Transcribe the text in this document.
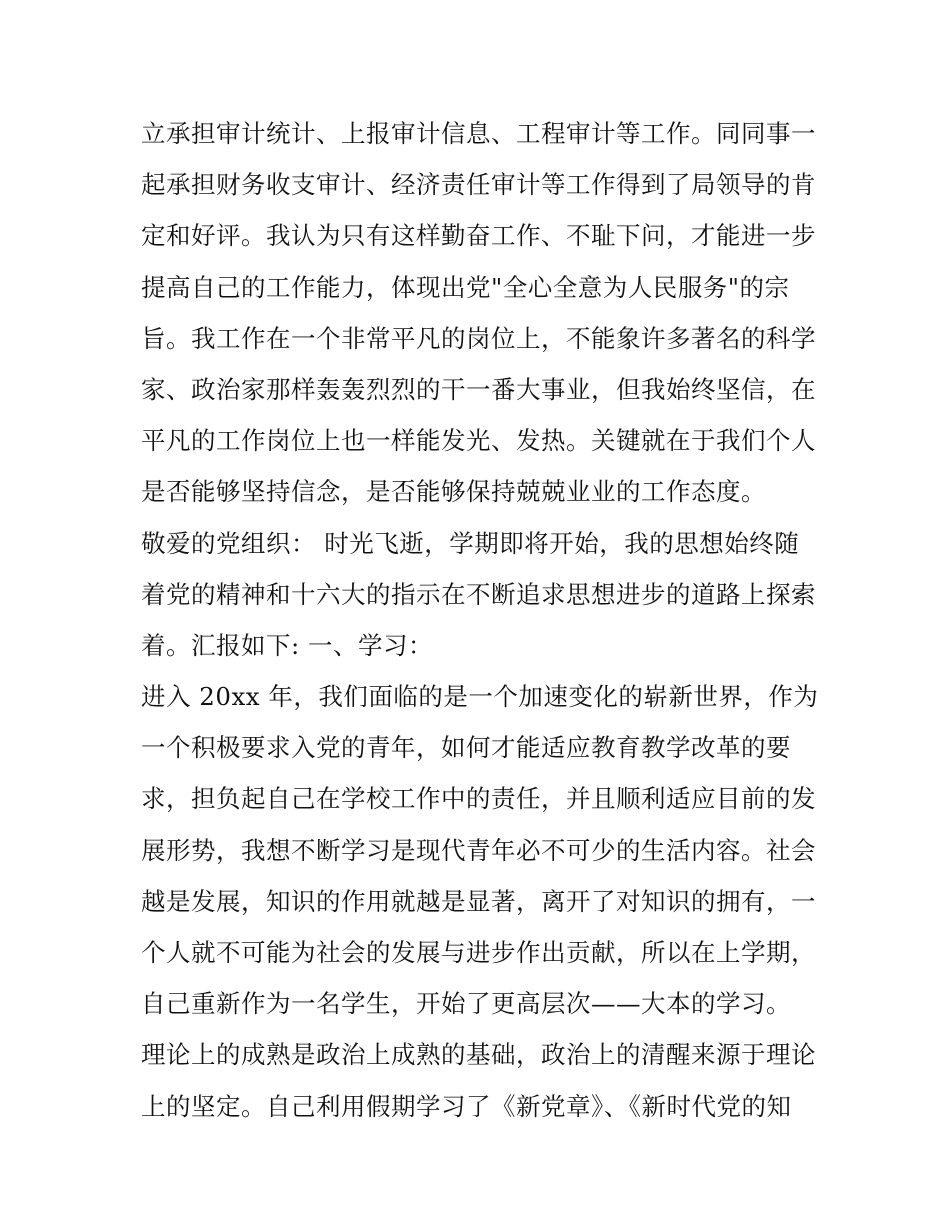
立承担审计统计、上报审计信息、工程审计等工作。同同事一
起承担财务收支审计、经济责任审计等工作得到了局领导的肯
定和好评。我认为只有这样勤奋工作、不耻下问，才能进一步
提高自己的工作能力，体现出党"全心全意为人民服务"的宗
旨。我工作在一个非常平凡的岗位上，不能象许多著名的科学
家、政治家那样轰轰烈烈的干一番大事业，但我始终坚信，在
平凡的工作岗位上也一样能发光、发热。关键就在于我们个人
是否能够坚持信念，是否能够保持兢兢业业的工作态度。
敬爱的党组织： 时光飞逝，学期即将开始，我的思想始终随
着党的精神和十六大的指示在不断追求思想进步的道路上探索
着。汇报如下: 一、学习：
进入 20xx 年，我们面临的是一个加速变化的崭新世界，作为
一个积极要求入党的青年，如何才能适应教育教学改革的要
求，担负起自己在学校工作中的责任，并且顺利适应目前的发
展形势，我想不断学习是现代青年必不可少的生活内容。社会
越是发展，知识的作用就越是显著，离开了对知识的拥有，一
个人就不可能为社会的发展与进步作出贡献，所以在上学期，
自己重新作为一名学生，开始了更高层次——大本的学习。
理论上的成熟是政治上成熟的基础，政治上的清醒来源于理论
上的坚定。自己利用假期学习了《新党章》、《新时代党的知
